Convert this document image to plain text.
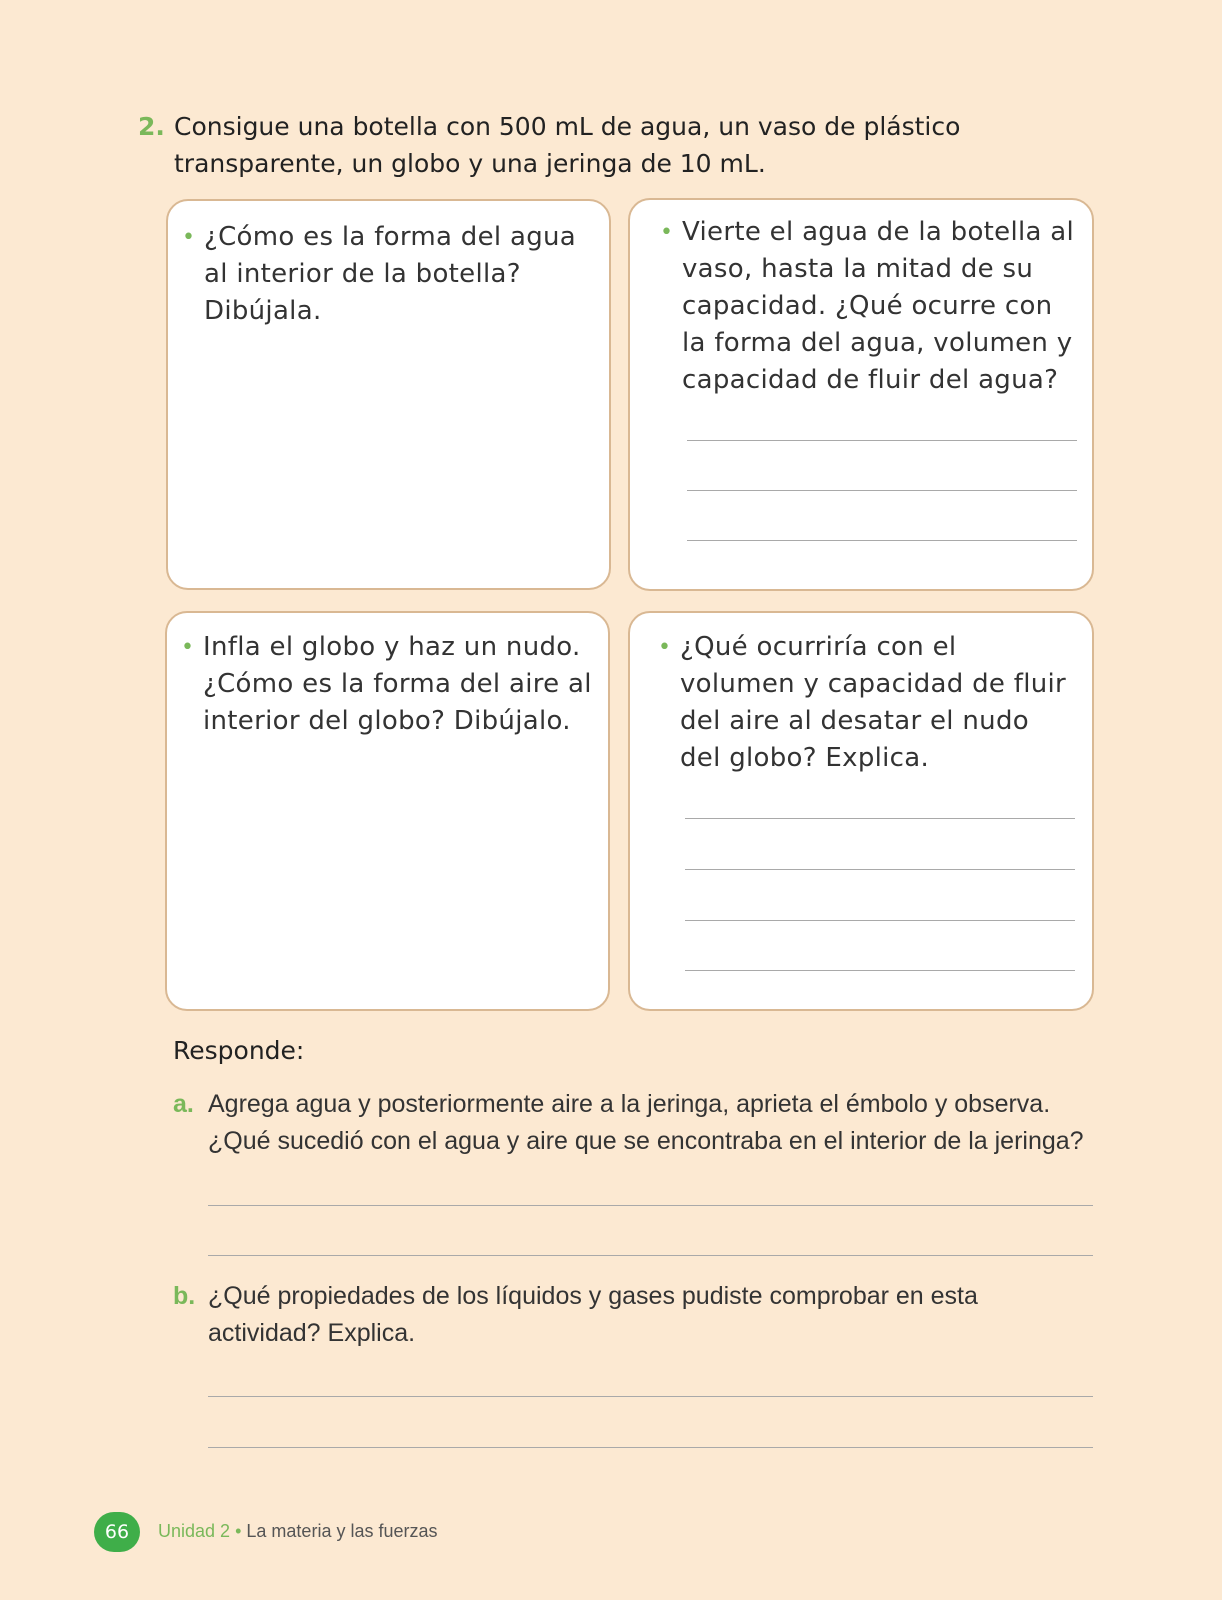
2. Consigue una botella con 500 mL de agua, un vaso de plástico transparente, un globo y una jeringa de 10 mL.
• ¿Cómo es la forma del agua al interior de la botella? Dibújala.
• Vierte el agua de la botella al vaso, hasta la mitad de su capacidad. ¿Qué ocurre con la forma del agua, volumen y capacidad de fluir del agua?
• Infla el globo y haz un nudo. ¿Cómo es la forma del aire al interior del globo? Dibújalo.
• ¿Qué ocurriría con el volumen y capacidad de fluir del aire al desatar el nudo del globo? Explica.
Responde:
a. Agrega agua y posteriormente aire a la jeringa, aprieta el émbolo y observa. ¿Qué sucedió con el agua y aire que se encontraba en el interior de la jeringa?
b. ¿Qué propiedades de los líquidos y gases pudiste comprobar en esta actividad? Explica.
66	Unidad 2 • La materia y las fuerzas
